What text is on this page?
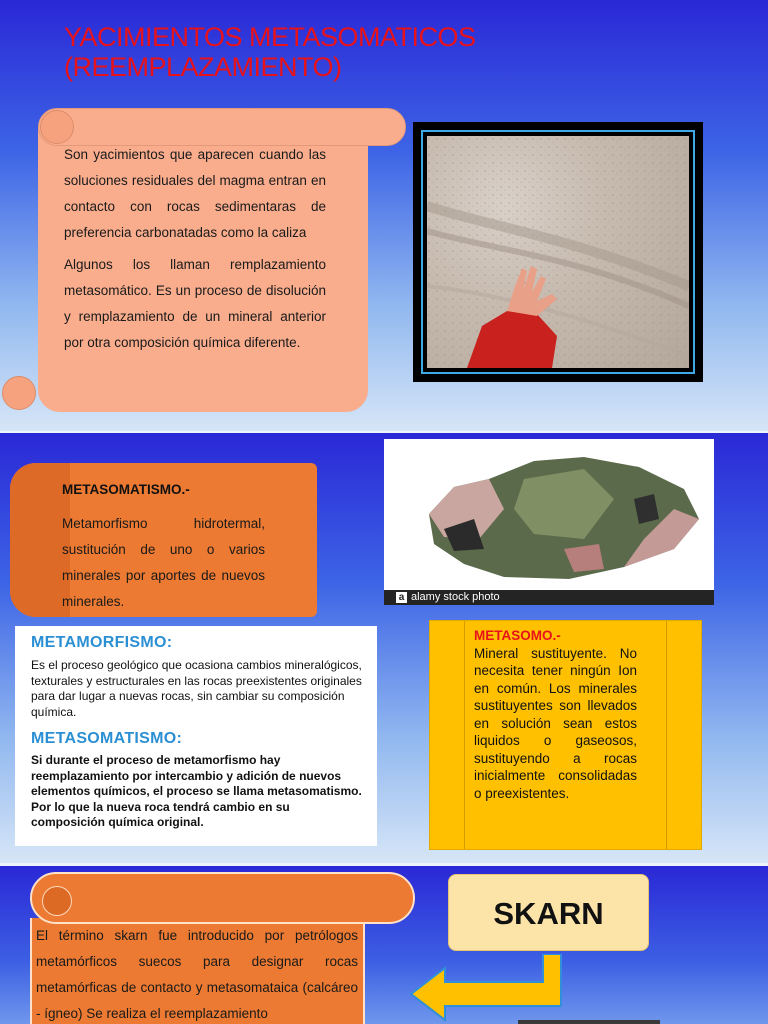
YACIMIENTOS METASOMATICOS
(REEMPLAZAMIENTO)

Son yacimientos que aparecen cuando las soluciones residuales del magma entran en contacto con rocas sedimentaras de preferencia carbonatadas como la caliza

Algunos los llaman remplazamiento metasomático. Es un proceso de disolución y remplazamiento de un mineral anterior por otra composición química diferente.

METASOMATISMO.-

Metamorfismo hidrotermal, sustitución de uno o varios minerales por aportes de nuevos minerales.	a alamy stock photo
METAMORFISMO:
Es el proceso geológico que ocasiona cambios mineralógicos, texturales y estructurales en las rocas preexistentes originales para dar lugar a nuevas rocas, sin cambiar su composición química.
METASOMATISMO:
Si durante el proceso de metamorfismo hay reemplazamiento por intercambio y adición de nuevos elementos químicos, el proceso se llama metasomatismo. Por lo que la nueva roca tendrá cambio en su composición química original.
METASOMO.-
Mineral sustituyente. No necesita tener ningún Ion en común. Los minerales sustituyentes son llevados en solución sean estos liquidos o gaseosos, sustituyendo a rocas inicialmente consolidadas o preexistentes.

El término skarn fue introducido por petrólogos metamórficos suecos para designar rocas metamórficas de contacto y metasomataica (calcáreo - ígneo) Se realiza el reemplazamiento

SKARN
